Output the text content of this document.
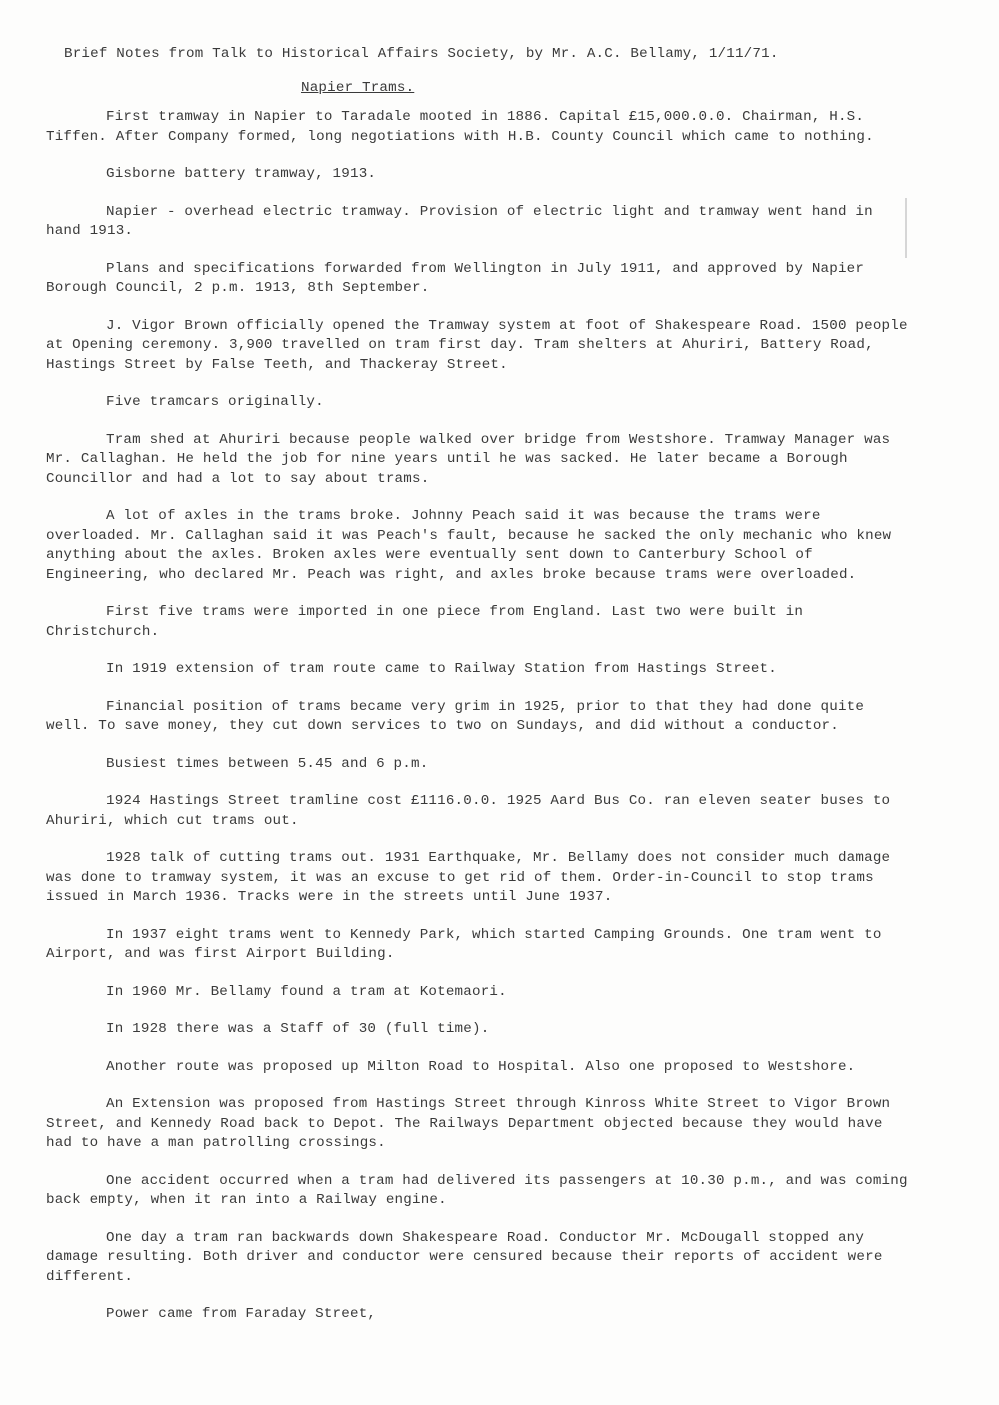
Brief Notes from Talk to Historical Affairs Society, by Mr. A.C. Bellamy, 1/11/71.
Napier Trams.

First tramway in Napier to Taradale mooted in 1886. Capital £15,000.0.0. Chairman, H.S. Tiffen. After Company formed, long negotiations with H.B. County Council which came to nothing.

Gisborne battery tramway, 1913.

Napier - overhead electric tramway. Provision of electric light and tramway went hand in hand 1913.

Plans and specifications forwarded from Wellington in July 1911, and approved by Napier Borough Council, 2 p.m. 1913, 8th September.

J. Vigor Brown officially opened the Tramway system at foot of Shakespeare Road. 1500 people at Opening ceremony. 3,900 travelled on tram first day. Tram shelters at Ahuriri, Battery Road, Hastings Street by False Teeth, and Thackeray Street.

Five tramcars originally.

Tram shed at Ahuriri because people walked over bridge from Westshore. Tramway Manager was Mr. Callaghan. He held the job for nine years until he was sacked. He later became a Borough Councillor and had a lot to say about trams.

A lot of axles in the trams broke. Johnny Peach said it was because the trams were overloaded. Mr. Callaghan said it was Peach's fault, because he sacked the only mechanic who knew anything about the axles. Broken axles were eventually sent down to Canterbury School of Engineering, who declared Mr. Peach was right, and axles broke because trams were overloaded.

First five trams were imported in one piece from England. Last two were built in Christchurch.

In 1919 extension of tram route came to Railway Station from Hastings Street.

Financial position of trams became very grim in 1925, prior to that they had done quite well. To save money, they cut down services to two on Sundays, and did without a conductor.

Busiest times between 5.45 and 6 p.m.

1924 Hastings Street tramline cost £1116.0.0. 1925 Aard Bus Co. ran eleven seater buses to Ahuriri, which cut trams out.

1928 talk of cutting trams out. 1931 Earthquake, Mr. Bellamy does not consider much damage was done to tramway system, it was an excuse to get rid of them. Order-in-Council to stop trams issued in March 1936. Tracks were in the streets until June 1937.

In 1937 eight trams went to Kennedy Park, which started Camping Grounds. One tram went to Airport, and was first Airport Building.

In 1960 Mr. Bellamy found a tram at Kotemaori.

In 1928 there was a Staff of 30 (full time).

Another route was proposed up Milton Road to Hospital. Also one proposed to Westshore.

An Extension was proposed from Hastings Street through Kinross White Street to Vigor Brown Street, and Kennedy Road back to Depot. The Railways Department objected because they would have had to have a man patrolling crossings.

One accident occurred when a tram had delivered its passengers at 10.30 p.m., and was coming back empty, when it ran into a Railway engine.

One day a tram ran backwards down Shakespeare Road. Conductor Mr. McDougall stopped any damage resulting. Both driver and conductor were censured because their reports of accident were different.

Power came from Faraday Street,
